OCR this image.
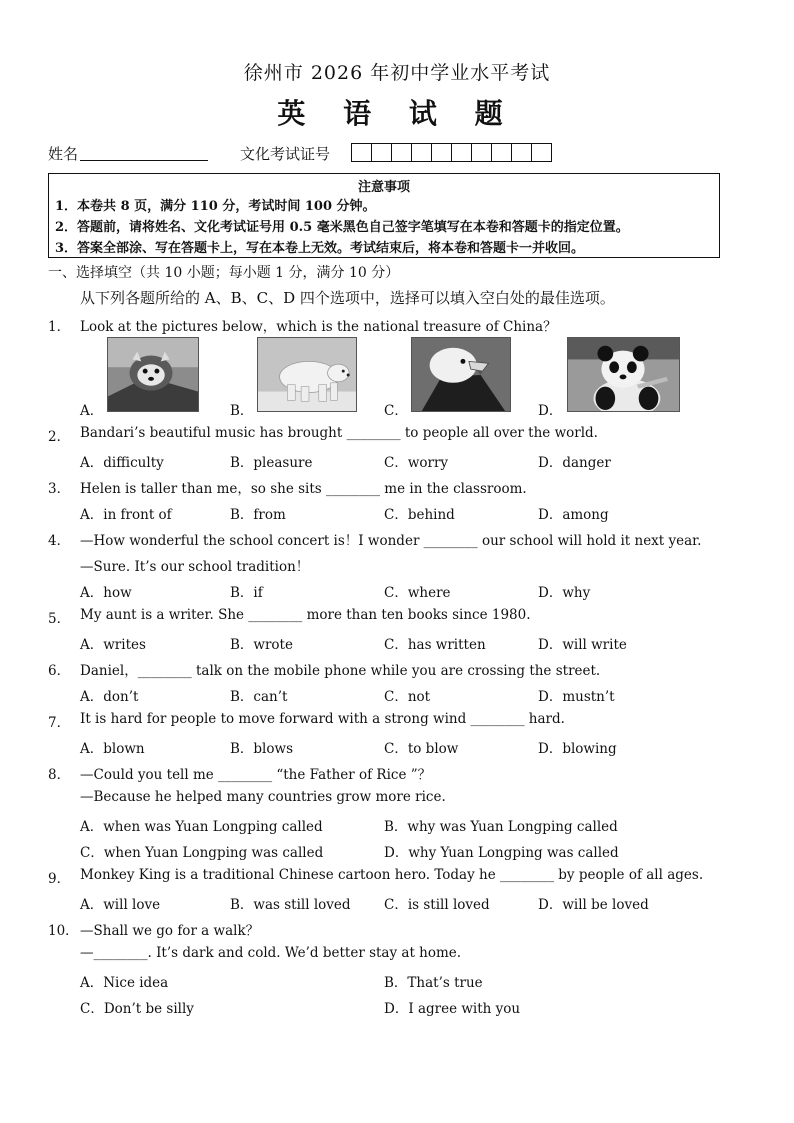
徐州市 2026 年初中学业水平考试
英 语 试 题
姓名	文化考试证号
注意事项
1．本卷共 8 页，满分 110 分，考试时间 100 分钟。
2．答题前，请将姓名、文化考试证号用 0.5 毫米黑色自己签字笔填写在本卷和答题卡的指定位置。
3．答案全部涂、写在答题卡上，写在本卷上无效。考试结束后，将本卷和答题卡一并收回。
一、选择填空（共 10 小题；每小题 1 分，满分 10 分）
从下列各题所给的 A、B、C、D 四个选项中，选择可以填入空白处的最佳选项。
1． Look at the pictures below，which is the national treasure of China？
A．	B．	C．	D．
2． Bandari’s beautiful music has brought ________ to people all over the world.
A．difficulty	B．pleasure	C．worry	D．danger
3． Helen is taller than me，so she sits ________ me in the classroom.
A．in front of	B．from	C．behind	D．among
4． —How wonderful the school concert is！I wonder ________ our school will hold it next year.
—Sure. It’s our school tradition！
A．how	B．if	C．where	D．why
5． My aunt is a writer. She ________ more than ten books since 1980.
A．writes	B．wrote	C．has written	D．will write
6． Daniel，________ talk on the mobile phone while you are crossing the street.
A．don’t	B．can’t	C．not	D．mustn’t
7． It is hard for people to move forward with a strong wind ________ hard.
A．blown	B．blows	C．to blow	D．blowing
8． —Could you tell me ________ “the Father of Rice ”？
—Because he helped many countries grow more rice.
A．when was Yuan Longping called	B．why was Yuan Longping called
C．when Yuan Longping was called	D．why Yuan Longping was called
9． Monkey King is a traditional Chinese cartoon hero. Today he ________ by people of all ages.
A．will love	B．was still loved C．is still loved	D．will be loved
10． —Shall we go for a walk？
—________. It’s dark and cold. We’d better stay at home.
A．Nice idea	B．That’s true
C．Don’t be silly	D．I agree with you
